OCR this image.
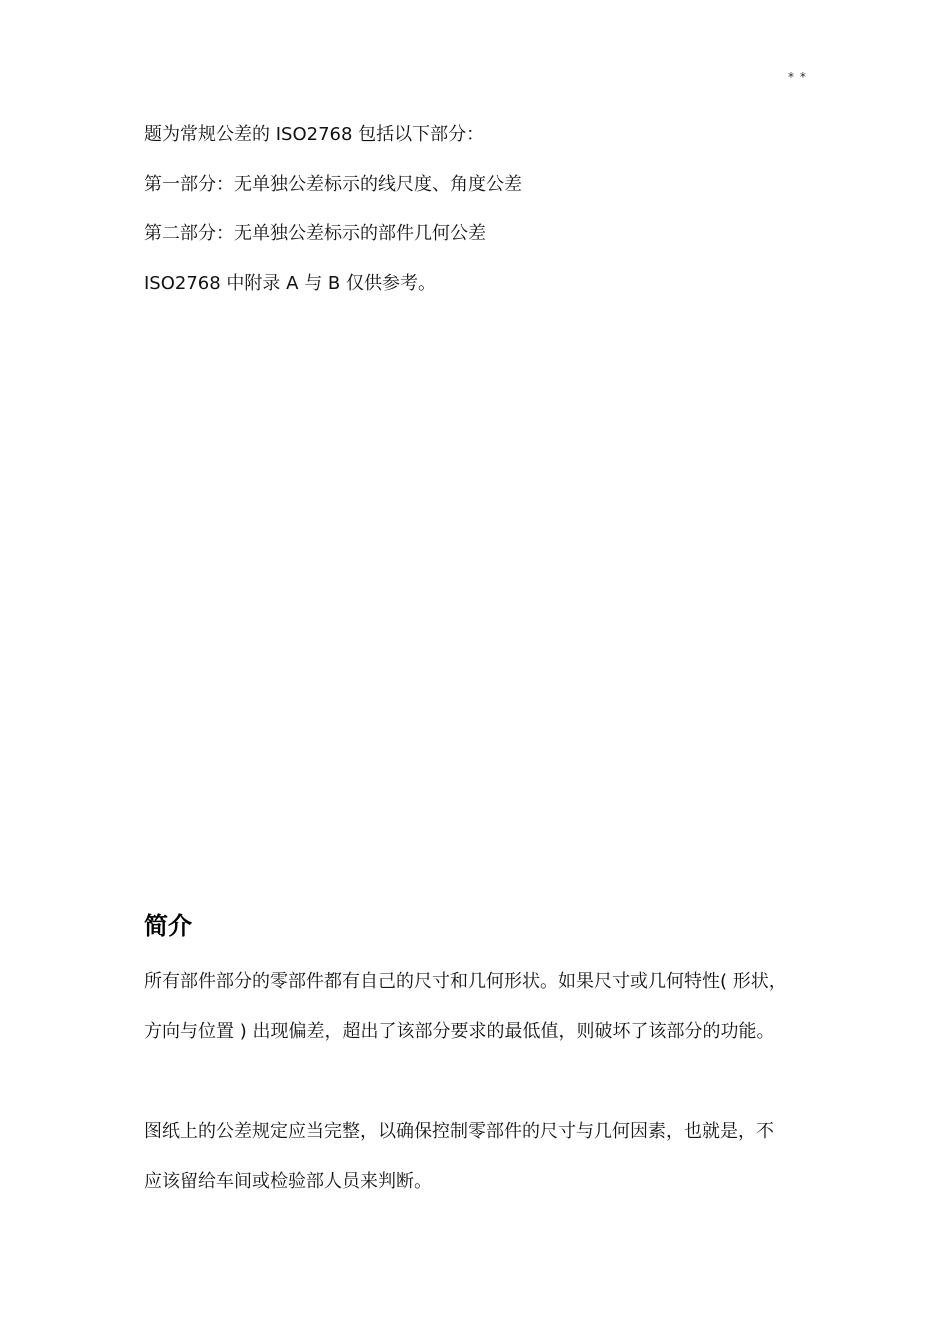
* *
题为常规公差的 ISO2768 包括以下部分：
第一部分：无单独公差标示的线尺度、角度公差
第二部分：无单独公差标示的部件几何公差
ISO2768 中附录 A 与 B 仅供参考。
简介
所有部件部分的零部件都有自己的尺寸和几何形状。如果尺寸或几何特性( 形状，
方向与位置 ) 出现偏差，超出了该部分要求的最低值，则破坏了该部分的功能。
图纸上的公差规定应当完整，以确保控制零部件的尺寸与几何因素，也就是，不
应该留给车间或检验部人员来判断。
